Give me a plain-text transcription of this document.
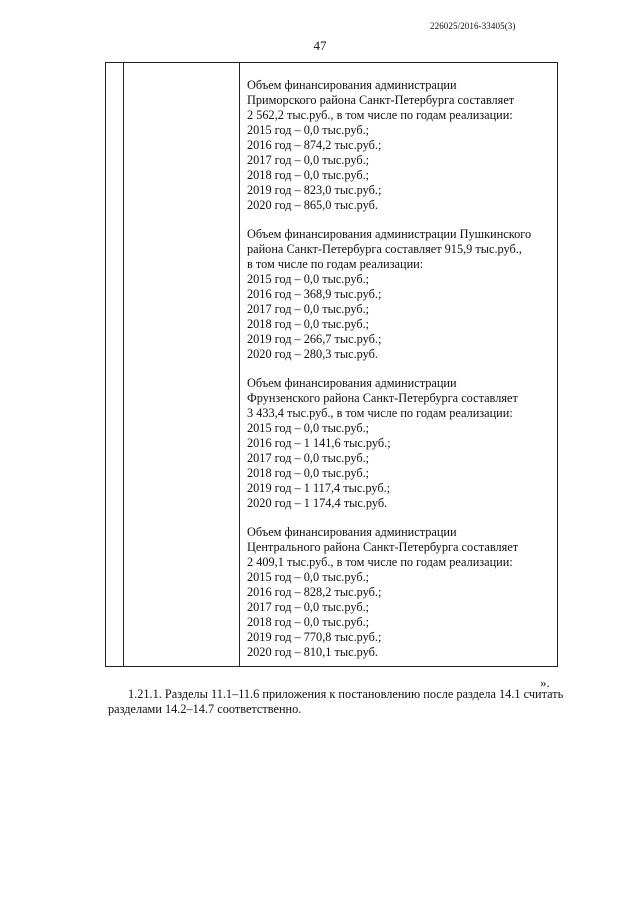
226025/2016-33405(3)
47

Объем финансирования администрации

Приморского района Санкт-Петербурга составляет

2 562,2 тыс.руб., в том числе по годам реализации:

2015 год – 0,0 тыс.руб.;

2016 год – 874,2 тыс.руб.;

2017 год – 0,0 тыс.руб.;

2018 год – 0,0 тыс.руб.;

2019 год – 823,0 тыс.руб.;

2020 год – 865,0 тыс.руб.

Объем финансирования администрации Пушкинского

района Санкт-Петербурга составляет 915,9 тыс.руб.,

в том числе по годам реализации:

2015 год – 0,0 тыс.руб.;

2016 год – 368,9 тыс.руб.;

2017 год – 0,0 тыс.руб.;

2018 год – 0,0 тыс.руб.;

2019 год – 266,7 тыс.руб.;

2020 год – 280,3 тыс.руб.

Объем финансирования администрации

Фрунзенского района Санкт-Петербурга составляет

3 433,4 тыс.руб., в том числе по годам реализации:

2015 год – 0,0 тыс.руб.;

2016 год – 1 141,6 тыс.руб.;

2017 год – 0,0 тыс.руб.;

2018 год – 0,0 тыс.руб.;

2019 год – 1 117,4 тыс.руб.;

2020 год – 1 174,4 тыс.руб.

Объем финансирования администрации

Центрального района Санкт-Петербурга составляет

2 409,1 тыс.руб., в том числе по годам реализации:

2015 год – 0,0 тыс.руб.;

2016 год – 828,2 тыс.руб.;

2017 год – 0,0 тыс.руб.;

2018 год – 0,0 тыс.руб.;

2019 год – 770,8 тыс.руб.;

2020 год – 810,1 тыс.руб.

».

1.21.1. Разделы 11.1–11.6 приложения к постановлению после раздела 14.1 считать
разделами 14.2–14.7 соответственно.
